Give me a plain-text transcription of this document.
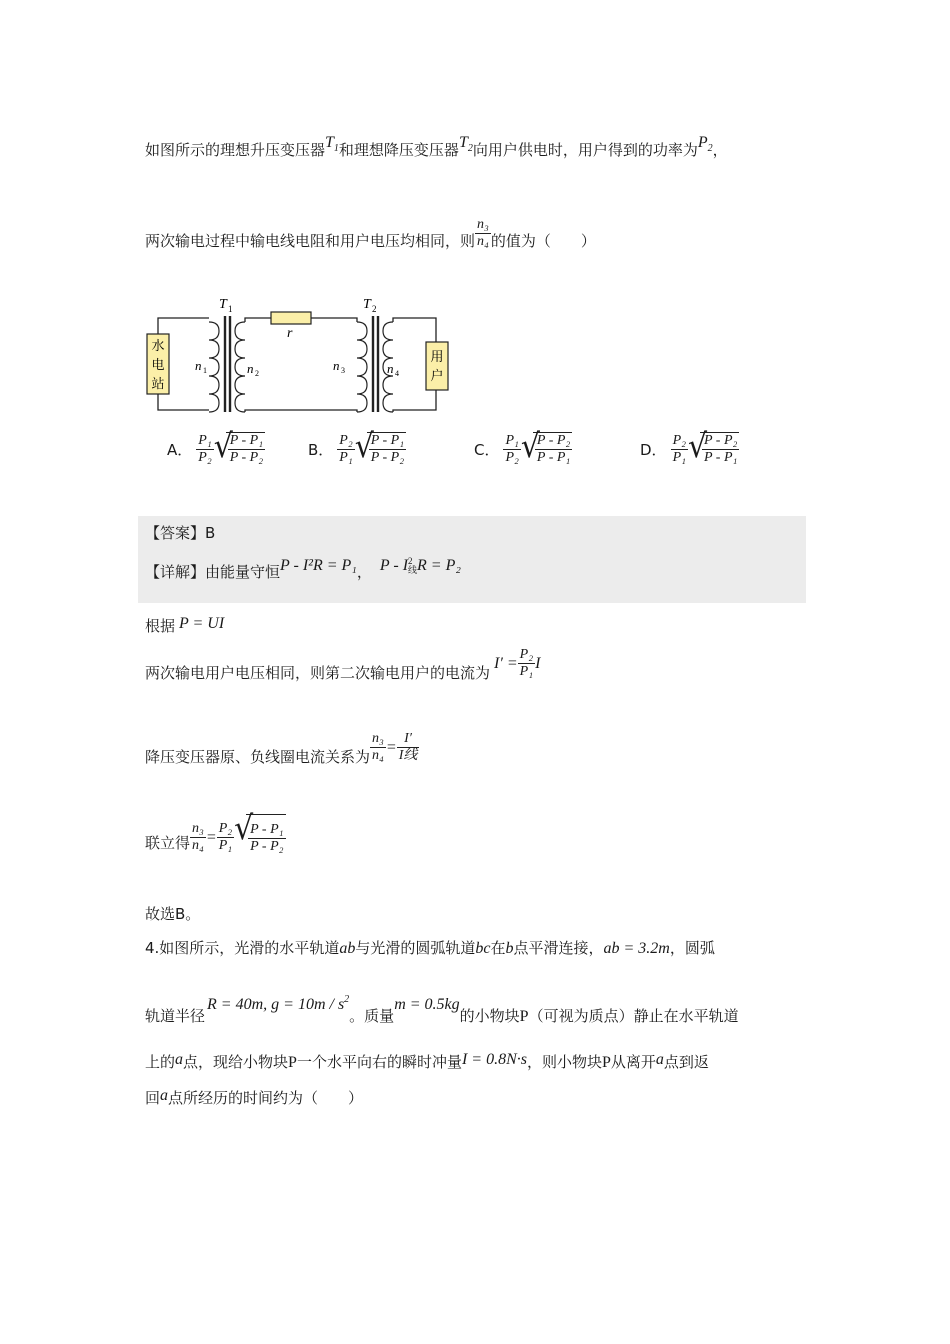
如图所示的理想升压变压器$T_1$和理想降压变压器$T_2$向用户供电时，用户得到的功率为$P_2$，
两次输电过程中输电线电阻和用户电压均相同，则 $\frac{\text{n₃}}{\text{n₄}}$ 的值为（　　）
水
电
站
用
户
T 1	T 2
r
n 1	n 2
n 3	n 4
A． $\frac{\text{P₁}}{\text{P₂}}$ √
$\frac{\text{P - P₁}}{\text{P - P₂}}$	B． $\frac{\text{P₂}}{\text{P₁}}$ √
$\frac{\text{P - P₁}}{\text{P - P₂}}$	C． $\frac{\text{P₁}}{\text{P₂}}$ √
$\frac{\text{P - P₂}}{\text{P - P₁}}$	D． $\frac{\text{P₂}}{\text{P₁}}$ √
$\frac{\text{P - P₂}}{\text{P - P₁}}$
【答案】B
【详解】由能量守恒P - I²R = P₁， P - I 2
线 R = P₂
根据 P = UI
两次输电用户电压相同，则第二次输电用户的电流为$I' = \frac{\text{P₂}}{\text{P₁}}$ I
降压变压器原、负线圈电流关系为 $\frac{\text{n₃}}{\text{n₄}} = \frac{I'}{\text{I线}}$
联立得 $\frac{\text{n₃}}{\text{n₄}} = \frac{\text{P₂}}{\text{P₁}}$ √
$\frac{\text{P - P₁}}{\text{P - P₂}}$
故选B。
4.如图所示，光滑的水平轨道ab与光滑的圆弧轨道bc在b点平滑连接，ab = 3.2m，圆弧
轨道半径R = 40m, $g = 10m / s^2$。质量m = 0.5kg的小物块P（可视为质点）静止在水平轨道
上的a点，现给小物块P一个水平向右的瞬时冲量I = 0.8N·s，则小物块P从离开a点到返
回a点所经历的时间约为（　　）
